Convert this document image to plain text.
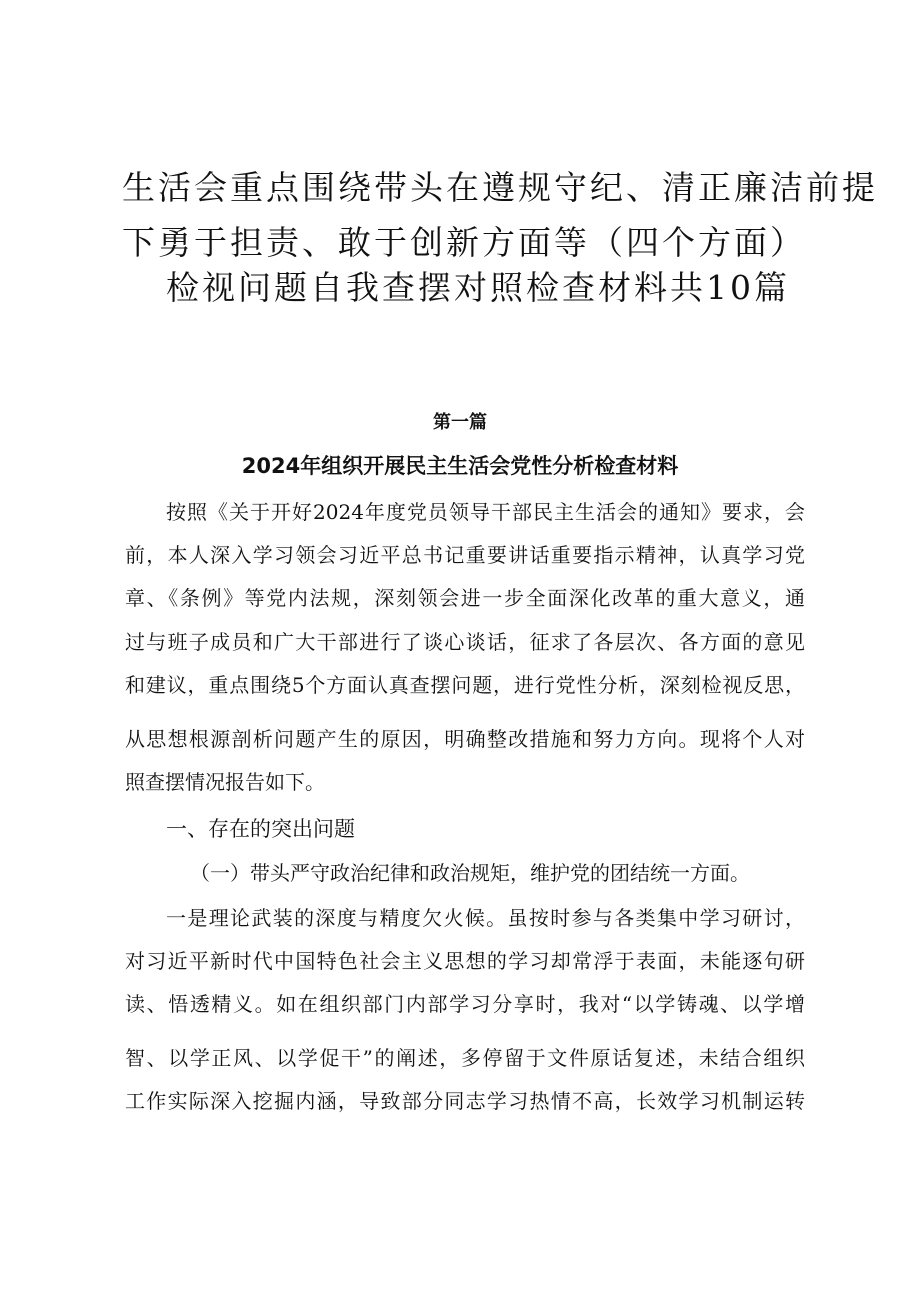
生活会重点围绕带头在遵规守纪、清正廉洁前提
下勇于担责、敢于创新方面等（四个方面）
检视问题自我查摆对照检查材料共10篇
第一篇
2024年组织开展民主生活会党性分析检查材料
按照《关于开好2024年度党员领导干部民主生活会的通知》要求，会
前，本人深入学习领会习近平总书记重要讲话重要指示精神，认真学习党
章、《条例》等党内法规，深刻领会进一步全面深化改革的重大意义，通
过与班子成员和广大干部进行了谈心谈话，征求了各层次、各方面的意见
和建议，重点围绕5个方面认真查摆问题，进行党性分析，深刻检视反思，
从思想根源剖析问题产生的原因，明确整改措施和努力方向。现将个人对
照查摆情况报告如下。
一、存在的突出问题
（一）带头严守政治纪律和政治规矩，维护党的团结统一方面。
一是理论武装的深度与精度欠火候。虽按时参与各类集中学习研讨，
对习近平新时代中国特色社会主义思想的学习却常浮于表面，未能逐句研
读、悟透精义。如在组织部门内部学习分享时，我对“以学铸魂、以学增
智、以学正风、以学促干”的阐述，多停留于文件原话复述，未结合组织
工作实际深入挖掘内涵，导致部分同志学习热情不高，长效学习机制运转
